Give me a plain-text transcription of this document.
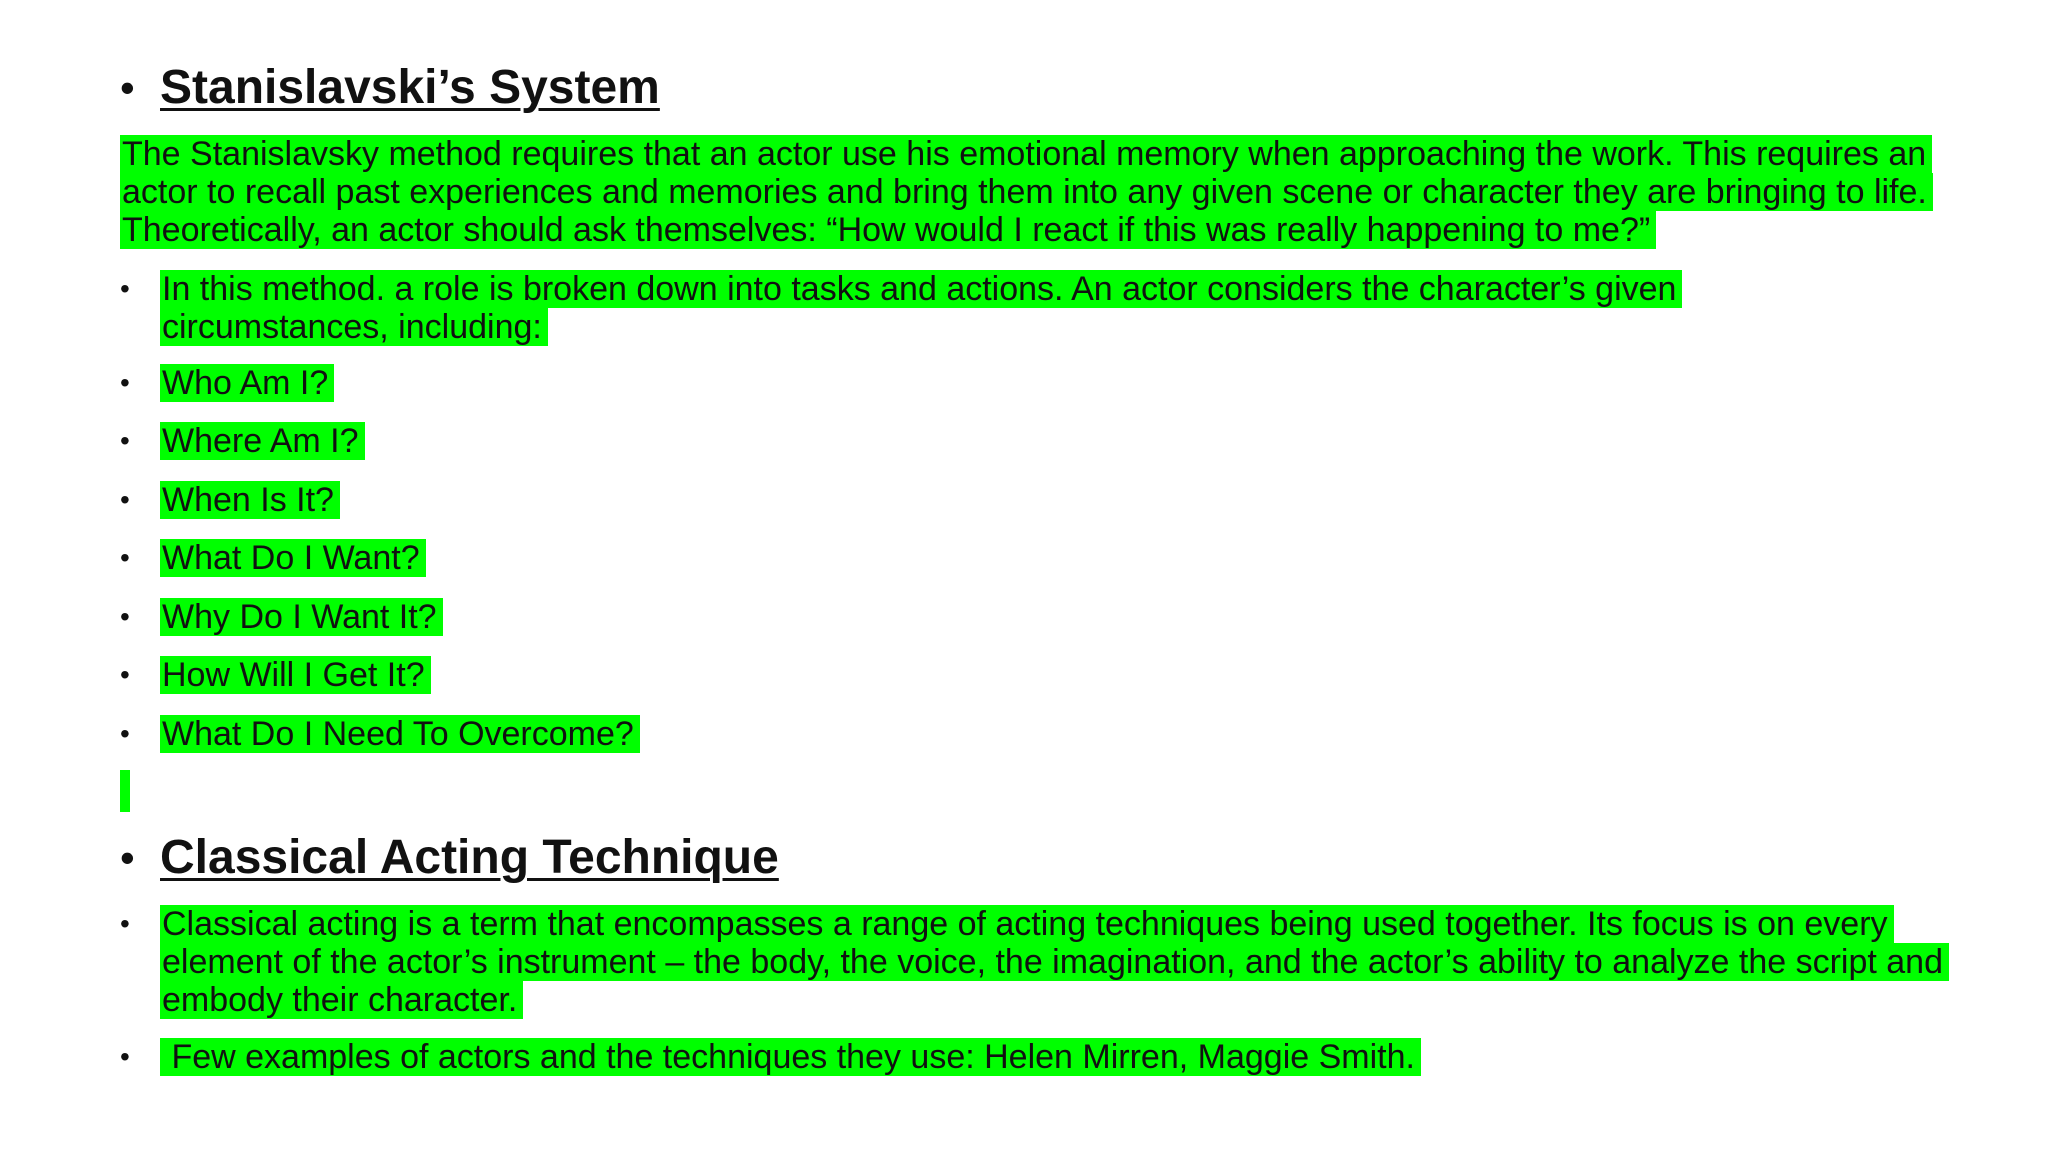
• Stanislavski’s System
The Stanislavsky method requires that an actor use his emotional memory when approaching the work. This requires an actor to recall past experiences and memories and bring them into any given scene or character they are bringing to life. Theoretically, an actor should ask themselves: “How would I react if this was really happening to me?”
• In this method. a role is broken down into tasks and actions. An actor considers the character’s given circumstances, including:
• Who Am I?
• Where Am I?
• When Is It?
• What Do I Want?
• Why Do I Want It?
• How Will I Get It?
• What Do I Need To Overcome?
• Classical Acting Technique
• Classical acting is a term that encompasses a range of acting techniques being used together. Its focus is on every element of the actor’s instrument – the body, the voice, the imagination, and the actor’s ability to analyze the script and embody their character.
• Few examples of actors and the techniques they use: Helen Mirren, Maggie Smith.
